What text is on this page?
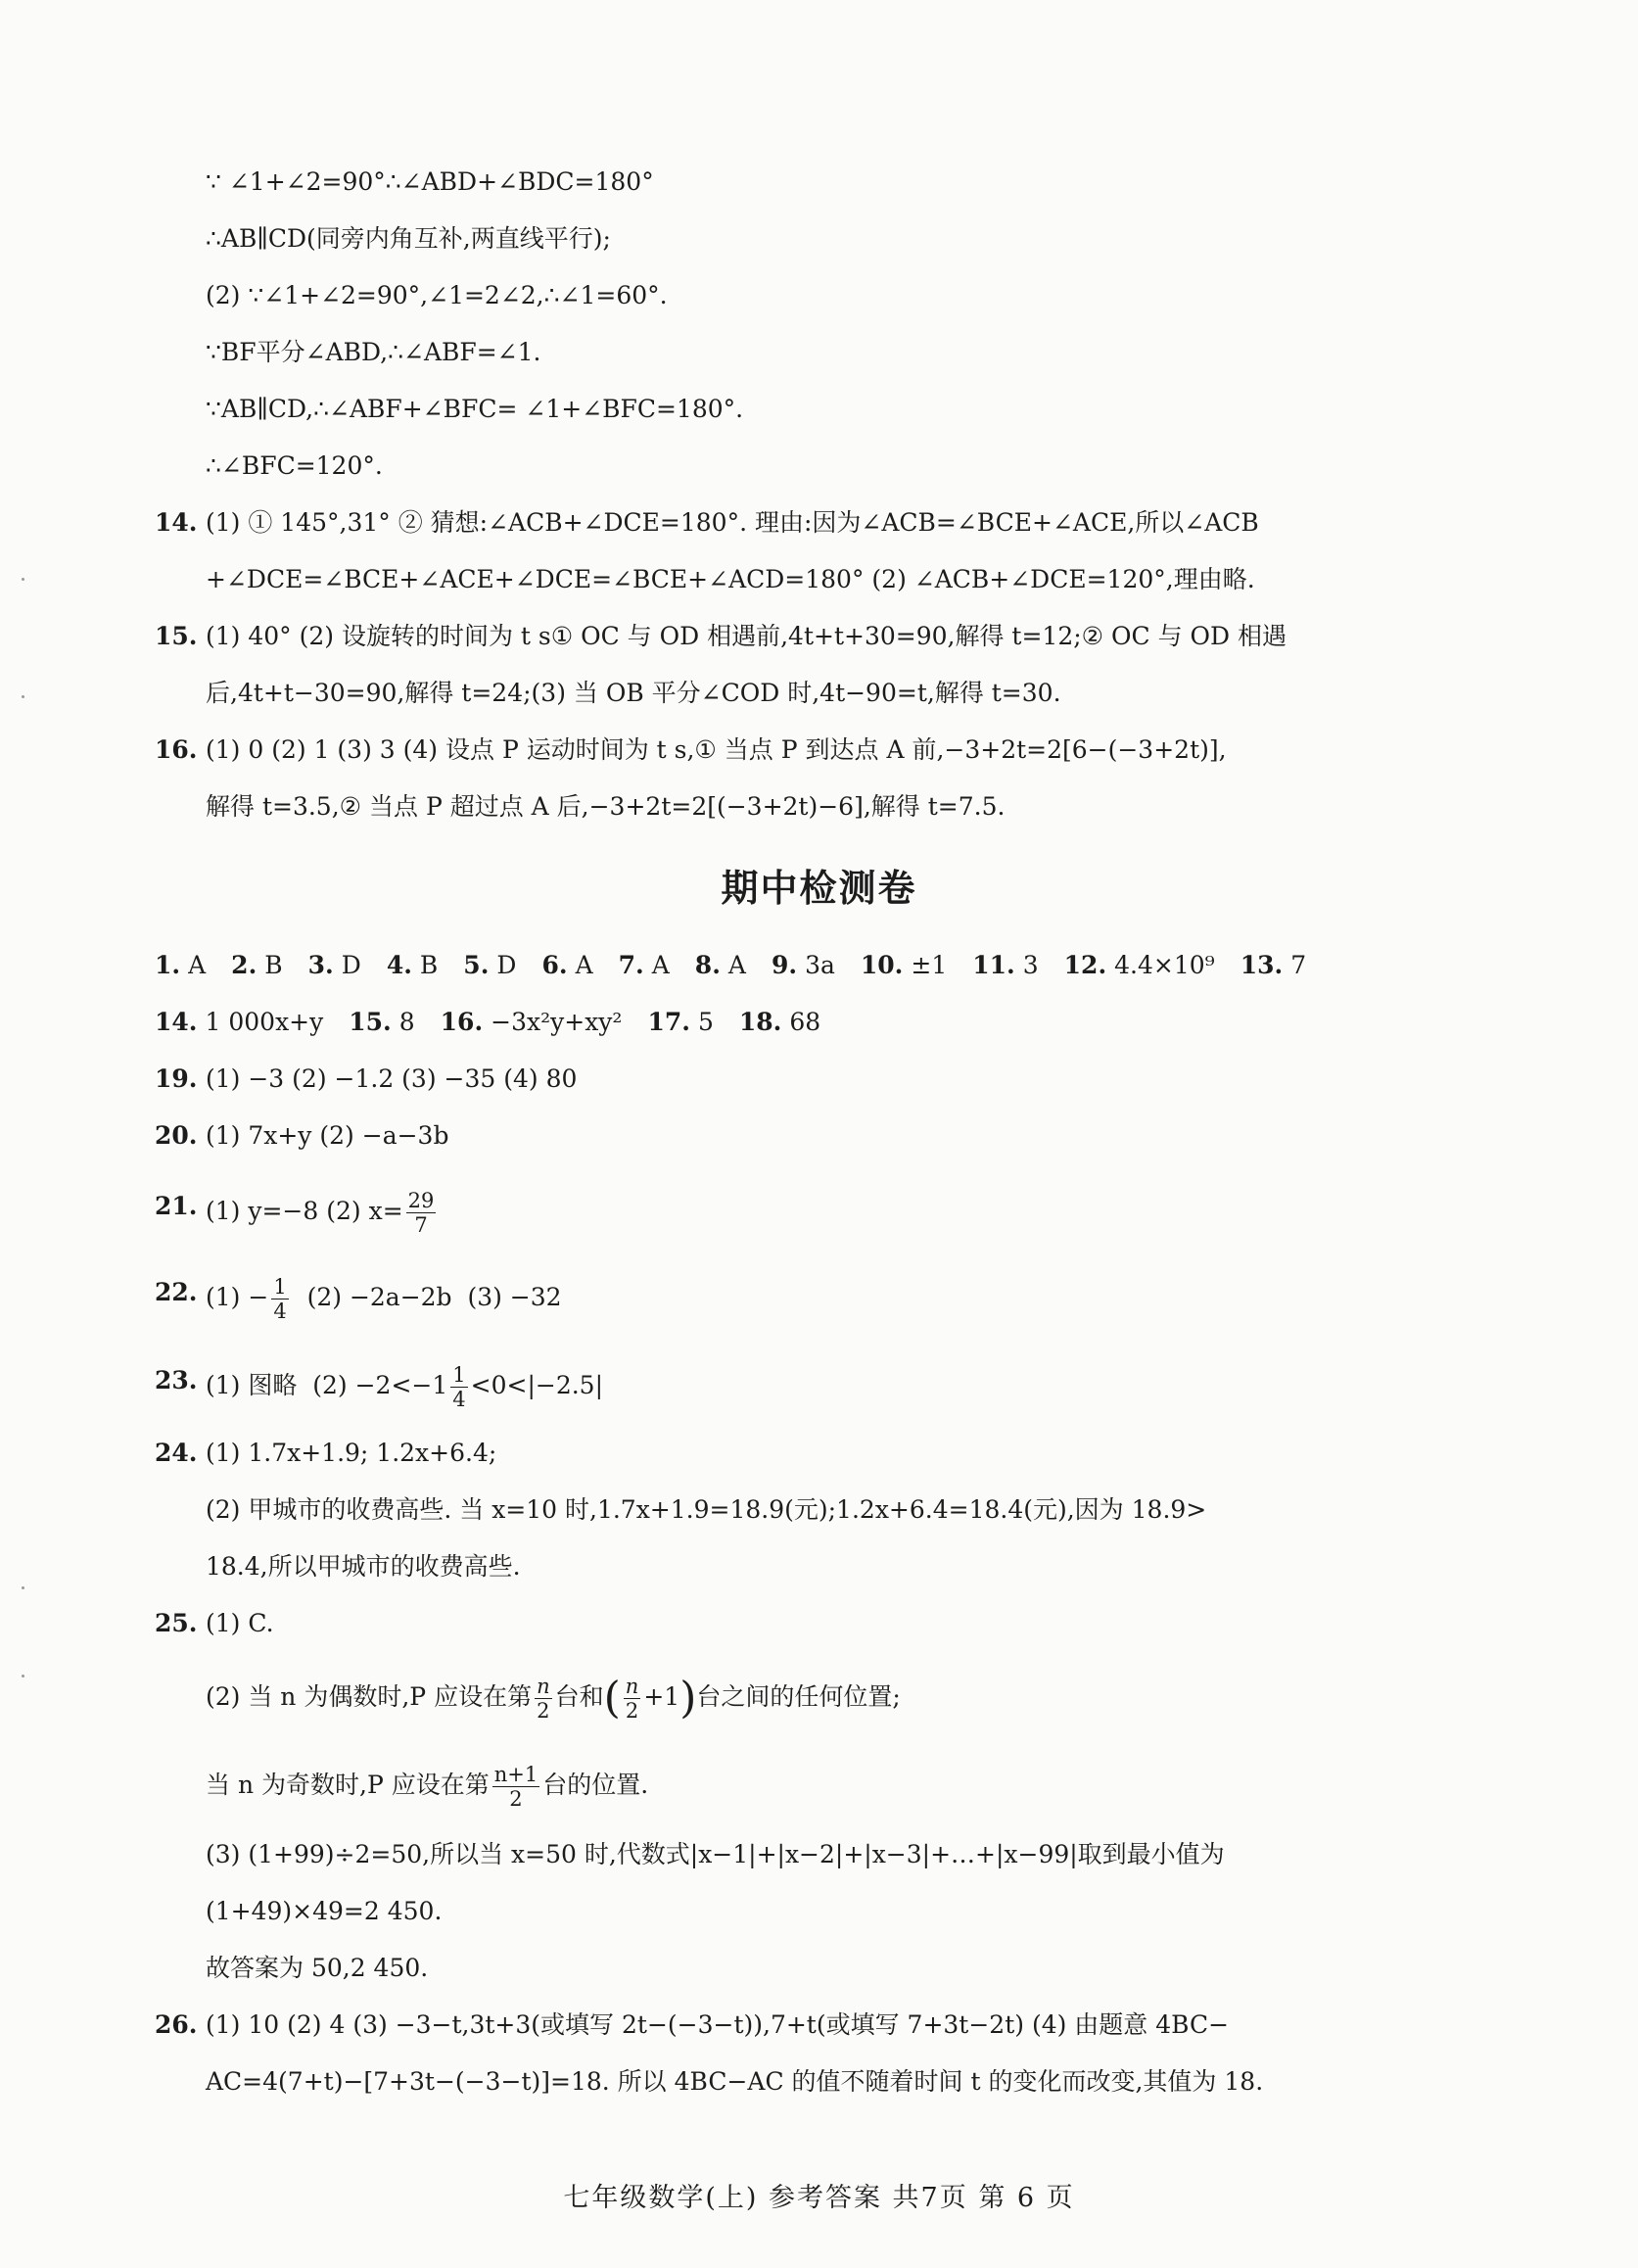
∵ ∠1+∠2=90°∴∠ABD+∠BDC=180°
∴AB∥CD(同旁内角互补,两直线平行);
(2) ∵∠1+∠2=90°,∠1=2∠2,∴∠1=60°.
∵BF平分∠ABD,∴∠ABF=∠1.
∵AB∥CD,∴∠ABF+∠BFC= ∠1+∠BFC=180°.
∴∠BFC=120°.
14. (1) ① 145°,31° ② 猜想:∠ACB+∠DCE=180°. 理由:因为∠ACB=∠BCE+∠ACE,所以∠ACB
+∠DCE=∠BCE+∠ACE+∠DCE=∠BCE+∠ACD=180° (2) ∠ACB+∠DCE=120°,理由略.
15. (1) 40° (2) 设旋转的时间为 t s① OC 与 OD 相遇前,4t+t+30=90,解得 t=12;② OC 与 OD 相遇
后,4t+t−30=90,解得 t=24;(3) 当 OB 平分∠COD 时,4t−90=t,解得 t=30.
16. (1) 0 (2) 1 (3) 3 (4) 设点 P 运动时间为 t s,① 当点 P 到达点 A 前,−3+2t=2[6−(−3+2t)],
解得 t=3.5,② 当点 P 超过点 A 后,−3+2t=2[(−3+2t)−6],解得 t=7.5.
期中检测卷
1. A 2. B 3. D 4. B 5. D 6. A 7. A 8. A 9. 3a 10. ±1 11. 3 12. 4.4×10⁹ 13. 7
14. 1 000x+y 15. 8 16. −3x²y+xy² 17. 5 18. 68
19. (1) −3 (2) −1.2 (3) −35 (4) 80
20. (1) 7x+y (2) −a−3b
21. (1) y=−8 (2) $x= \frac{29}{7}$
22. $(1) - \frac{1}{4} (2) -2a-2b$  (3) −32
23. (1) 图略  $(2) -2<-1 \frac{1}{4} <0<|-2.5|$
24. (1) 1.7x+1.9; 1.2x+6.4;
(2) 甲城市的收费高些. 当 x=10 时,1.7x+1.9=18.9(元);1.2x+6.4=18.4(元),因为 18.9>
18.4,所以甲城市的收费高些.
25. (1) C.
(2) 当 n 为偶数时,P 应设在第 $\frac{n}{2}$ 台和( $\frac{n}{2} +1$)台之间的任何位置;
当 n 为奇数时,P 应设在第 $\frac{n+1}{2}$ 台的位置.
(3) (1+99)÷2=50,所以当 x=50 时,代数式|x−1|+|x−2|+|x−3|+…+|x−99|取到最小值为
(1+49)×49=2 450.
故答案为 50,2 450.
26. (1) 10 (2) 4 (3) −3−t,3t+3(或填写 2t−(−3−t)),7+t(或填写 7+3t−2t) (4) 由题意 4BC−
AC=4(7+t)−[7+3t−(−3−t)]=18. 所以 4BC−AC 的值不随着时间 t 的变化而改变,其值为 18.
七年级数学(上) 参考答案 共7页 第 6 页
